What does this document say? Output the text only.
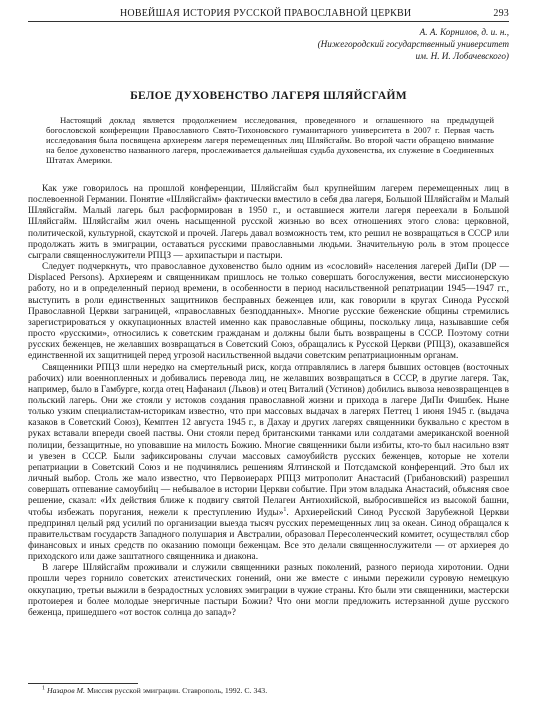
НОВЕЙШАЯ ИСТОРИЯ РУССКОЙ ПРАВОСЛАВНОЙ ЦЕРКВИ	293
А. А. Корнилов, д. и. н.,
(Нижегородский государственный университет
им. Н. И. Лобачевского)
БЕЛОЕ ДУХОВЕНСТВО ЛАГЕРЯ ШЛЯЙСГАЙМ

Настоящий доклад является продолжением исследования, проведенного и оглашенного на предыдущей богословской конференции Православного Свято-Тихоновского гуманитарного университета в 2007 г. Первая часть исследования была посвящена архиереям лагеря перемещенных лиц Шляйсгайм. Во второй части обращено внимание на белое духовенство названного лагеря, прослеживается дальнейшая судьба духовенства, их служение в Соединенных Штатах Америки.

Как уже говорилось на прошлой конференции, Шляйсгайм был крупнейшим лагерем перемещенных лиц в послевоенной Германии. Понятие «Шляйсгайм» фактически вместило в себя два лагеря, Большой Шляйсгайм и Малый Шляйсгайм. Малый лагерь был расформирован в 1950 г., и оставшиеся жители лагеря переехали в Большой Шляйсгайм. Шляйсгайм жил очень насыщенной русской жизнью во всех отношениях этого слова: церковной, политической, культурной, скаутской и прочей. Лагерь давал возможность тем, кто решил не возвращаться в СССР или продолжать жить в эмиграции, оставаться русскими православными людьми. Значительную роль в этом процессе сыграли священнослужители РПЦЗ — архипастыри и пастыри.

Следует подчеркнуть, что православное духовенство было одним из «сословий» населения лагерей ДиПи (DP — Displaced Persons). Архиереям и священникам пришлось не только совершать богослужения, вести миссионерскую работу, но и в определенный период времени, в особенности в период насильственной репатриации 1945—1947 гг., выступить в роли единственных защитников бесправных беженцев или, как говорили в кругах Синода Русской Православной Церкви заграницей, «православных безподданных». Многие русские беженские общины стремились зарегистрироваться у оккупационных властей именно как православные общины, поскольку лица, называвшие себя просто «русскими», относились к советским гражданам и должны были быть возвращены в СССР. Поэтому сотни русских беженцев, не желавших возвращаться в Советский Союз, обращались к Русской Церкви (РПЦЗ), оказавшейся единственной их защитницей перед угрозой насильственной выдачи советским репатриационным органам.

Священники РПЦЗ шли нередко на смертельный риск, когда отправлялись в лагеря бывших остовцев (восточных рабочих) или военнопленных и добивались перевода лиц, не желавших возвращаться в СССР, в другие лагеря. Так, например, было в Гамбурге, когда отец Нафанаил (Львов) и отец Виталий (Устинов) добились вывоза невозвращенцев в польский лагерь. Они же стояли у истоков создания православной жизни и прихода в лагере ДиПи Фишбек. Ныне только узким специалистам-историкам известно, что при массовых выдачах в лагерях Петтец 1 июня 1945 г. (выдача казаков в Советский Союз), Кемптен 12 августа 1945 г., в Дахау и других лагерях священники буквально с крестом в руках вставали впереди своей паствы. Они стояли перед британскими танками или солдатами американской военной полиции, беззащитные, но уповавшие на милость Божию. Многие священники были избиты, кто-то был насильно взят и увезен в СССР. Были зафиксированы случаи массовых самоубийств русских беженцев, которые не хотели репатриации в Советский Союз и не подчинялись решениям Ялтинской и Потсдамской конференций. Это был их личный выбор. Столь же мало известно, что Первоиерарх РПЦЗ митрополит Анастасий (Грибановский) разрешил совершать отпевание самоубийц — небывалое в истории Церкви событие. При этом владыка Анастасий, объясняя свое решение, сказал: «Их действия ближе к подвигу святой Пелагеи Антиохийской, выбросившейся из высокой башни, чтобы избежать поругания, нежели к преступлению Иуды»$^1$. Архиерейский Синод Русской Зарубежной Церкви предпринял целый ряд усилий по организации выезда тысяч русских перемещенных лиц за океан. Синод обращался к правительствам государств Западного полушария и Австралии, образовал Пересоленческий комитет, осуществлял сбор финансовых и иных средств по оказанию помощи беженцам. Все это делали священнослужители — от архиерея до приходского или даже заштатного священника и диакона.

В лагере Шляйсгайм проживали и служили священники разных поколений, разного периода хиротонии. Одни прошли через горнило советских атеистических гонений, они же вместе с иными пережили суровую немецкую оккупацию, третьи выжили в безрадостных условиях эмиграции в чужие страны. Кто были эти священники, мастерски протоиерея и более молодые энергичные пастыри Божии? Что они могли предложить истерзанной душе русского беженца, пришедшего «от восток солнца до запад»?

$^1$ Назаров М. Миссия русской эмиграции. Ставрополь, 1992. С. 343.
